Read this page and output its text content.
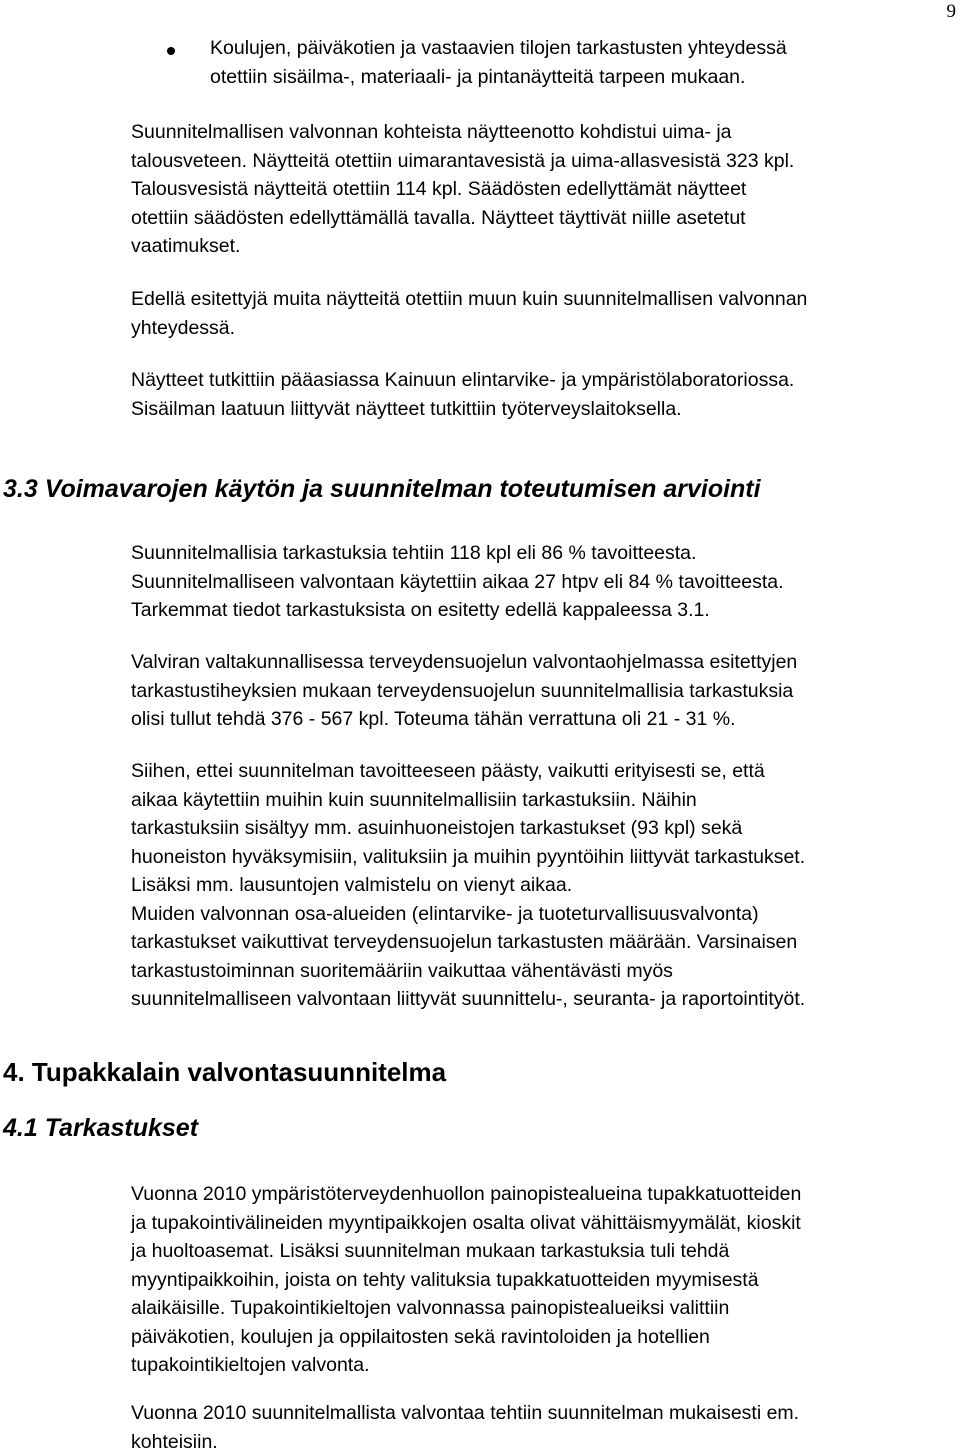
9
Koulujen, päiväkotien ja vastaavien tilojen tarkastusten yhteydessä
otettiin sisäilma-, materiaali- ja pintanäytteitä tarpeen mukaan.
Suunnitelmallisen valvonnan kohteista näytteenotto kohdistui uima- ja
talousveteen. Näytteitä otettiin uimarantavesistä ja uima-allasvesistä 323 kpl.
Talousvesistä näytteitä otettiin 114 kpl. Säädösten edellyttämät näytteet
otettiin säädösten edellyttämällä tavalla. Näytteet täyttivät niille asetetut
vaatimukset.
Edellä esitettyjä muita näytteitä otettiin muun kuin suunnitelmallisen valvonnan
yhteydessä.
Näytteet tutkittiin pääasiassa Kainuun elintarvike- ja ympäristölaboratoriossa.
Sisäilman laatuun liittyvät näytteet tutkittiin työterveyslaitoksella.
3.3 Voimavarojen käytön ja suunnitelman toteutumisen arviointi
Suunnitelmallisia tarkastuksia tehtiin 118 kpl eli 86 % tavoitteesta.
Suunnitelmalliseen valvontaan käytettiin aikaa 27 htpv eli 84 % tavoitteesta.
Tarkemmat tiedot tarkastuksista on esitetty edellä kappaleessa 3.1.
Valviran valtakunnallisessa terveydensuojelun valvontaohjelmassa esitettyjen
tarkastustiheyksien mukaan terveydensuojelun suunnitelmallisia tarkastuksia
olisi tullut tehdä 376 - 567 kpl. Toteuma tähän verrattuna oli 21 - 31 %.
Siihen, ettei suunnitelman tavoitteeseen päästy, vaikutti erityisesti se, että
aikaa käytettiin muihin kuin suunnitelmallisiin tarkastuksiin. Näihin
tarkastuksiin sisältyy mm. asuinhuoneistojen tarkastukset (93 kpl) sekä
huoneiston hyväksymisiin, valituksiin ja muihin pyyntöihin liittyvät tarkastukset.
Lisäksi mm. lausuntojen valmistelu on vienyt aikaa.
Muiden valvonnan osa-alueiden (elintarvike- ja tuoteturvallisuusvalvonta)
tarkastukset vaikuttivat terveydensuojelun tarkastusten määrään. Varsinaisen
tarkastustoiminnan suoritemääriin vaikuttaa vähentävästi myös
suunnitelmalliseen valvontaan liittyvät suunnittelu-, seuranta- ja raportointityöt.
4. Tupakkalain valvontasuunnitelma
4.1 Tarkastukset
Vuonna 2010 ympäristöterveydenhuollon painopistealueina tupakkatuotteiden
ja tupakointivälineiden myyntipaikkojen osalta olivat vähittäismyymälät, kioskit
ja huoltoasemat. Lisäksi suunnitelman mukaan tarkastuksia tuli tehdä
myyntipaikkoihin, joista on tehty valituksia tupakkatuotteiden myymisestä
alaikäisille. Tupakointikieltojen valvonnassa painopistealueiksi valittiin
päiväkotien, koulujen ja oppilaitosten sekä ravintoloiden ja hotellien
tupakointikieltojen valvonta.
Vuonna 2010 suunnitelmallista valvontaa tehtiin suunnitelman mukaisesti em.
kohteisiin.
